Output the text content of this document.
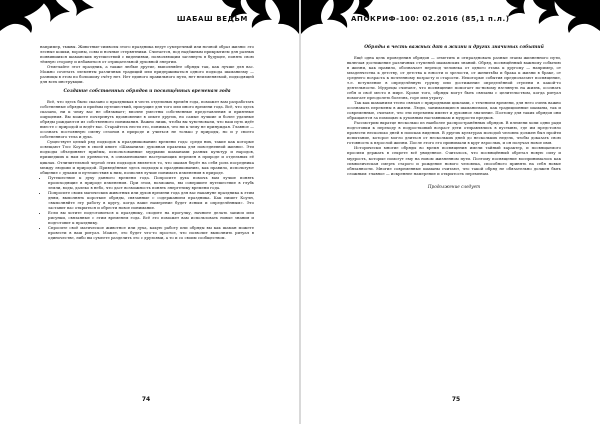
ШАБАШ ВЕДЬМ

например, тыквы. Животные-символы этого праздника ведут сумеречный или ночной образ жизни: это лесные кошки, вороны, совы и ночные стервятники. Считается, под надёжным прикрытием для разных появившихся шаманских путешествий с видениями, позволяющим заглянуть в будущее, понять свою тёмную сторону и избавиться от отрицательной духовной энергии.

Отмечайте этот праздник, а также любые другие, выполняйте обряды так, как лучше для вас. Можно сочетать элементы различных традиций или придерживаться одного подхода шаманизму — разницы в этом по большому счёту нет. Нет единого правильного пути, нет неизменяемой, подходящей для всех инструкции.

Создание собственных обрядов и посвящённых временам года

Всё, что здесь было сказано о праздниках в честь отдельных времён года, поможет вам разработать собственные обряды и приёмы путешествий, присущие для того или иного времени года. Всё, что здесь сказано, ни к чему вас не обязывает; вполне уместны собственные представления и приятные ощущения. Вы можете почерпнуть вдохновение в опыте других, но самые лучшие и более удачные обряды рождаются из собственного понимания. Важно лишь, чтобы вы чувствовали, что ваш путь идёт вместе с природой и ведёт вас. Старайтесь нести это, понимая, что ни к чему не принуждая. Главное — осознать постоянную смену сезонов в природе и учиться не только у природы, но и у своего собственного тела и духа.

Существует целый ряд подходов к праздникованию времени года: среди них, такие как которые освещают Тэсс Коулн в своей книге «Шаманизм: духовная практика для повседневной жизни». Эти подходы объединяют приёмы, использованные мудрыми шаманами разных культур и народов, пришедших к нам из древности, в ознаменование наступающих перемен в природе и отдельных её циклах. Отличительной чертой этих подходов является то, что шаман берёт на себя роль посредника между людьми и природой. Приведённые здесь подходы к праздникованию, как правило, используют общение с духами и путешествия к ним, позволяя лучше понимать изменения в природе.

• Путешествие к духу данного времени года. Попросите духа помочь вам лучше понять происходящие в природе изменения. При этом, возможно, вы совершите путешествие в глубь земли, воды, далеко в небо, что даст возможность понять энергетику времени года.
• Попросите своих магических животных или духов времени года для вас накануне праздника к этим дням, выполнять короткие обряды, связанные с содержанием праздника. Как пишет Коулн, «выполняйте эту работу в кругу, когда ваше намерение будет ясным и определённым». Это заставит вас открыться и обрести новое понимание.
• Если вы хотите подготовиться к празднику, сходите на прогулку, начните делать записи или рисунки, связанные с этим временем года. Всё это поможет вам использовать новые знания и подготовит к празднику.
• Спросите своё магическое животное или духа, какую работу или обряды вы как шаман можете провести в ваш ритуал. Может, это будет что-то простое, что позволит выполнить ритуал в одиночестве, либо вы сумеете разделить это с друзьями, а то и со своим сообществом.
74
АПОКРИФ-100: 02.2016 (85,1 п.л.)
Обряды в честь важных дат в жизни и других значимых событий

Ещё одна цель проведения обрядов — отметить и отпраздновать разные этапы жизненного пути, включая достижение различных ступеней шаманских знаний. Обряд, посвящённый важному событию в жизни, как правило, обозначает переход человека от одного этапа к другому — например, от младенчества к детству, от детства к юности и зрелости, от женитьбы и брака к жизни в браке, от среднего возраста к почтенному возрасту и старости. Некоторые события предполагают посвящение, т.е. вступление в определённую группу или достижение определённой ступени в какой-то деятельности. Мудрецы считают, что посвящение помогает по-новому взглянуть на жизнь, осознать себя и своё место в мире. Кроме того, обряды могут быть связаны с целительством, когда ритуал помогает преодолеть болезнь, горе или утрату.

Так как шаманизм тесно связан с природными циклами, с течением времени, для него очень важно осознавать перемены в жизни. Люди, занимающиеся шаманизмом, как традиционные шаманы, так и современные, считают, что эти перемены имеют и духовное значение. Поэтому для таких обрядов они обращаются за помощью к духовным наставникам и мудрости предков.

Рассмотрим вкратце несколько из наиболее распространённых обрядов. В племени хопи одни ради подготовки к переходу в подростковый возраст дети отправлялись в пустыню, где им предстояло провести несколько дней в поисках видения. В других культурах молодой человек должен был пройти испытание, которое могло длиться от нескольких дней до нескольких недель, чтобы доказать свою готовность к взрослой жизни. После этого его принимали в круг взрослых, и он получал новое имя.

Исторически многие обряды во время посвящения имели тайный характер, и посвящаемого просили держать в секрете всё увиденное. Считалось, что посвящённый обретал новую силу и мудрость, которые помогут ему на новом жизненном пути. Поэтому посвящение воспринималось как символическая смерть старого и рождение нового человека, способного принять на себя новые обязанности. Многие современные шаманы считают, что такой обряд не обязательно должен быть сложным: главное — искреннее намерение и открытость переменам.

Продолжение следует

75
